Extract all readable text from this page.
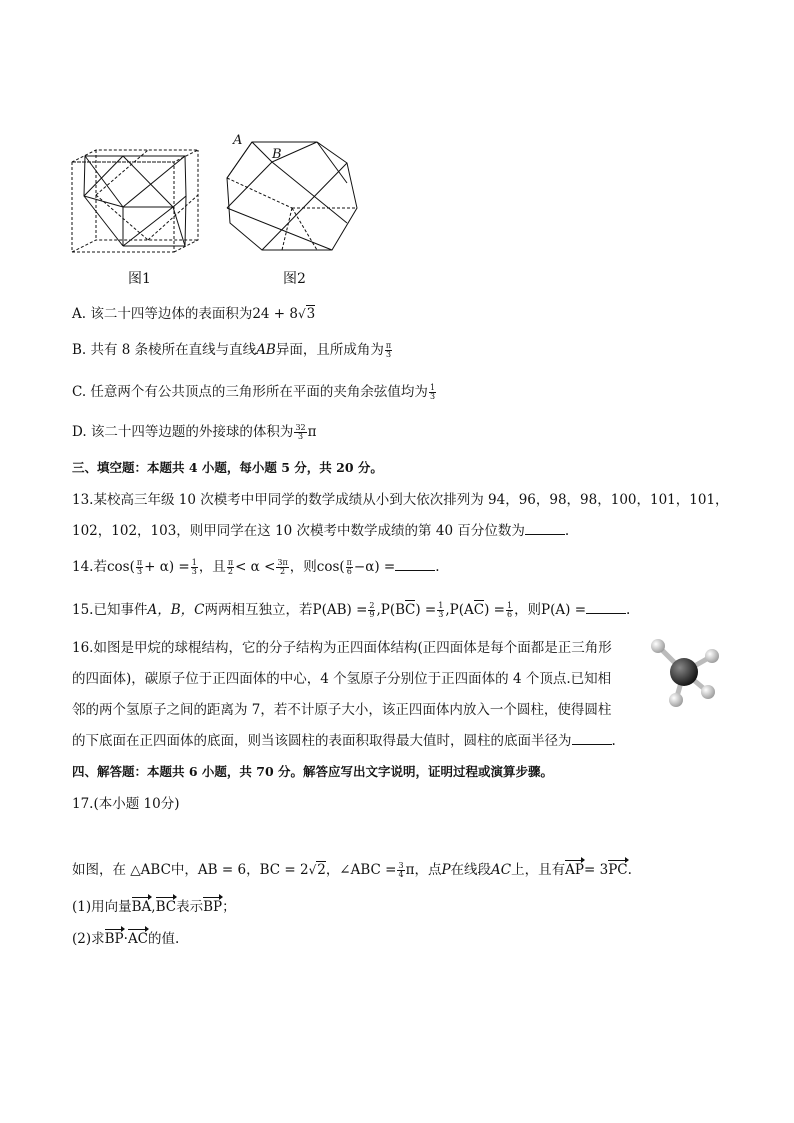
图1
A
B
图2
A. 该二十四等边体的表面积为24 + 8√3
B. 共有 8 条棱所在直线与直线AB异面，且所成角为 $\frac{\pi}{3}$
C. 任意两个有公共顶点的三角形所在平面的夹角余弦值均为 $\frac{1}{3}$
D. 该二十四等边题的外接球的体积为 $\frac{32}{3}$ π
三、填空题：本题共 4 小题，每小题 5 分，共 20 分。
13.某校高三年级 10 次模考中甲同学的数学成绩从小到大依次排列为 94，96，98，98，100，101，101，
102，102，103，则甲同学在这 10 次模考中数学成绩的第 40 百分位数为	.
14.若$\cos( \frac{\pi}{3} + \alpha) = \frac{1}{3}$ ，且 $\frac{\pi}{2} < \alpha < \frac{3\pi}{2}$ ，则$\cos( \frac{\pi}{6} -\alpha)$ =	.
15.已知事件A，B，C两两相互独立，若$P(AB) = \frac{2}{9} ,P(BC) = \frac{1}{3} ,P(AC) = \frac{1}{6}$ ，则P(A) =	.
16.如图是甲烷的球棍结构，它的分子结构为正四面体结构(正四面体是每个面都是正三角形
的四面体)，碳原子位于正四面体的中心，4 个氢原子分别位于正四面体的 4 个顶点.已知相
邻的两个氢原子之间的距离为 7，若不计原子大小，该正四面体内放入一个圆柱，使得圆柱
的下底面在正四面体的底面，则当该圆柱的表面积取得最大值时，圆柱的底面半径为	.
四、解答题：本题共 6 小题，共 70 分。解答应写出文字说明，证明过程或演算步骤。
17.(本小题 10分)
如图，在 △ABC中，AB = 6，BC = 2√2，∠ABC = $\frac{3}{4}$ π，点P在线段AC上，且有AP= 3PC.
(1)用向量BA,BC表示BP；
(2)求BP·AC的值.
